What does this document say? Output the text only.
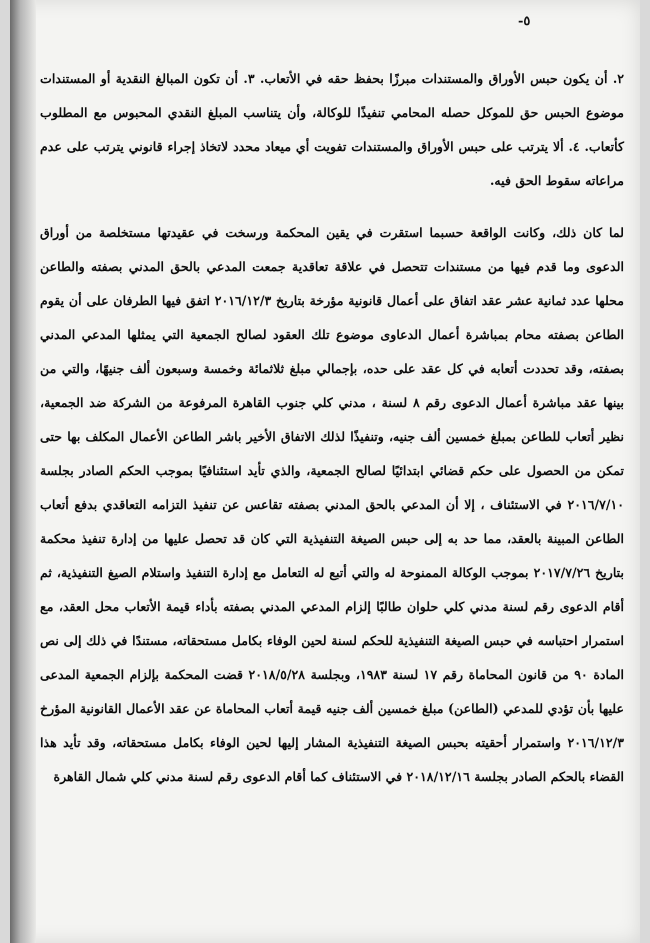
-٥

٢. أن يكون حبس الأوراق والمستندات مبرزًا بحفظ حقه في الأتعاب. ٣. أن تكون المبالغ النقدية أو المستندات موضوع الحبس حق للموكل حصله المحامي تنفيذًا للوكالة، وأن يتناسب المبلغ النقدي المحبوس مع المطلوب كأتعاب. ٤. ألا يترتب على حبس الأوراق والمستندات تفويت أي ميعاد محدد لاتخاذ إجراء قانوني يترتب على عدم مراعاته سقوط الحق فيه.

لما كان ذلك، وكانت الواقعة حسبما استقرت في يقين المحكمة ورسخت في عقيدتها مستخلصة من أوراق الدعوى وما قدم فيها من مستندات تتحصل في علاقة تعاقدية جمعت المدعي بالحق المدني بصفته والطاعن محلها عدد ثمانية عشر عقد اتفاق على أعمال قانونية مؤرخة بتاريخ ٢٠١٦/١٢/٣ اتفق فيها الطرفان على أن يقوم الطاعن بصفته محام بمباشرة أعمال الدعاوى موضوع تلك العقود لصالح الجمعية التي يمثلها المدعي المدني بصفته، وقد تحددت أتعابه في كل عقد على حده، بإجمالي مبلغ ثلاثمائة وخمسة وسبعون ألف جنيهًا، والتي من بينها عقد مباشرة أعمال الدعوى رقم ٨ لسنة ، مدني كلي جنوب القاهرة المرفوعة من الشركة ضد الجمعية، نظير أتعاب للطاعن بمبلغ خمسين ألف جنيه، وتنفيذًا لذلك الاتفاق الأخير باشر الطاعن الأعمال المكلف بها حتى تمكن من الحصول على حكم قضائي ابتدائيًا لصالح الجمعية، والذي تأيد استئنافيًا بموجب الحكم الصادر بجلسة ٢٠١٦/٧/١٠ في الاستئناف ، إلا أن المدعي بالحق المدني بصفته تقاعس عن تنفيذ التزامه التعاقدي بدفع أتعاب الطاعن المبينة بالعقد، مما حد به إلى حبس الصيغة التنفيذية التي كان قد تحصل عليها من إدارة تنفيذ محكمة بتاريخ ٢٠١٧/٧/٢٦ بموجب الوكالة الممنوحة له والتي أتبع له التعامل مع إدارة التنفيذ واستلام الصيغ التنفيذية، ثم أقام الدعوى رقم لسنة مدني كلي حلوان طالبًا إلزام المدعي المدني بصفته بأداء قيمة الأتعاب محل العقد، مع استمرار احتباسه في حبس الصيغة التنفيذية للحكم لسنة لحين الوفاء بكامل مستحقاته، مستندًا في ذلك إلى نص المادة ٩٠ من قانون المحاماة رقم ١٧ لسنة ١٩٨٣، وبجلسة ٢٠١٨/٥/٢٨ قضت المحكمة بإلزام الجمعية المدعى عليها بأن تؤدي للمدعي (الطاعن) مبلغ خمسين ألف جنيه قيمة أتعاب المحاماة عن عقد الأعمال القانونية المؤرخ ٢٠١٦/١٢/٣ واستمرار أحقيته بحبس الصيغة التنفيذية المشار إليها لحين الوفاء بكامل مستحقاته، وقد تأيد هذا القضاء بالحكم الصادر بجلسة ٢٠١٨/١٢/١٦ في الاستئناف كما أقام الدعوى رقم لسنة مدني كلي شمال القاهرة
